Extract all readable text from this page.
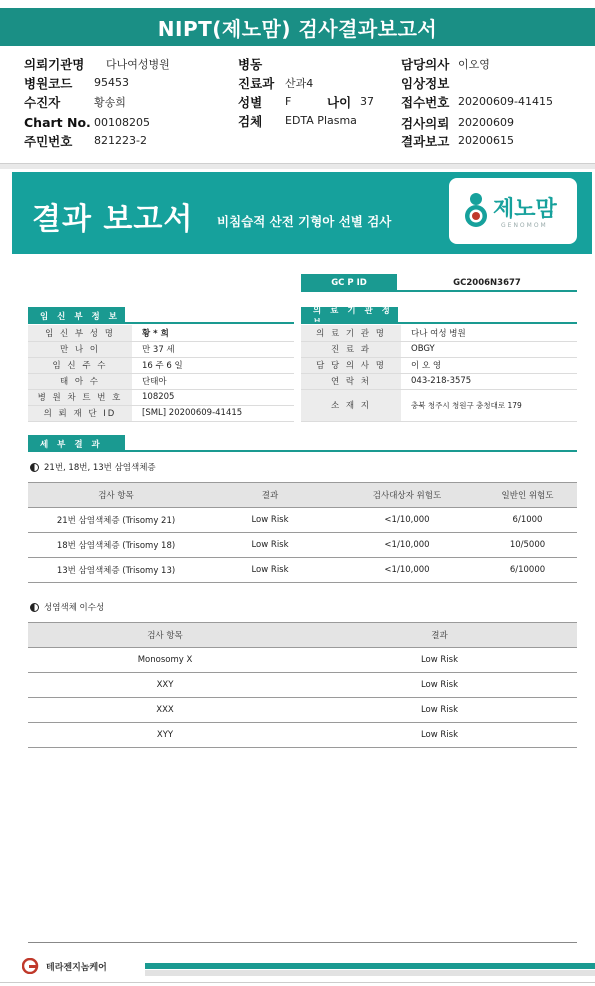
NIPT(제노맘) 검사결과보고서
의뢰기관명	다나여성병원
병원코드	95453
수진자	황송희
Chart No. 00108205
주민번호	821223-2
병동
진료과 산과4
성별	F	나이 37
검체	EDTA Plasma
담당의사 이오영
임상정보
접수번호 20200609-41415
검사의뢰 20200609
결과보고 20200615
결과 보고서 비침습적 산전 기형아 선별 검사	제노맘
GENOMOM
GC P ID	GC2006N3677
임 신 부 정 보
임 신 부 성 명	황 * 희
만 나 이	만 37 세
임 신 주 수	16 주 6 일
태 아 수	단태아
병 원 차 트 번 호	108205
의 뢰 재 단 ID	[SML] 20200609-41415
의 료 기 관 정
의 료 기 관 명	다나 여성 병원
진 료 과	OBGY
담 당 의 사 명	이 오 영
연 락 처	043-218-3575
소 재 지	충북 청주시 청원구 충청대로 179
세 부 결 과
21번, 18번, 13번 삼염색체증
검사 항목	결과	검사대상자 위험도	일반인 위험도
21번 삼염색체증 (Trisomy 21)	Low Risk	<1/10,000	6/1000
18번 삼염색체증 (Trisomy 18)	Low Risk	<1/10,000	10/5000
13번 삼염색체증 (Trisomy 13)	Low Risk	<1/10,000	6/10000
성염색체 이수성
검사 항목	결과
Monosomy X	Low Risk
XXY	Low Risk
XXX	Low Risk
XYY	Low Risk
테라젠지놈케어
